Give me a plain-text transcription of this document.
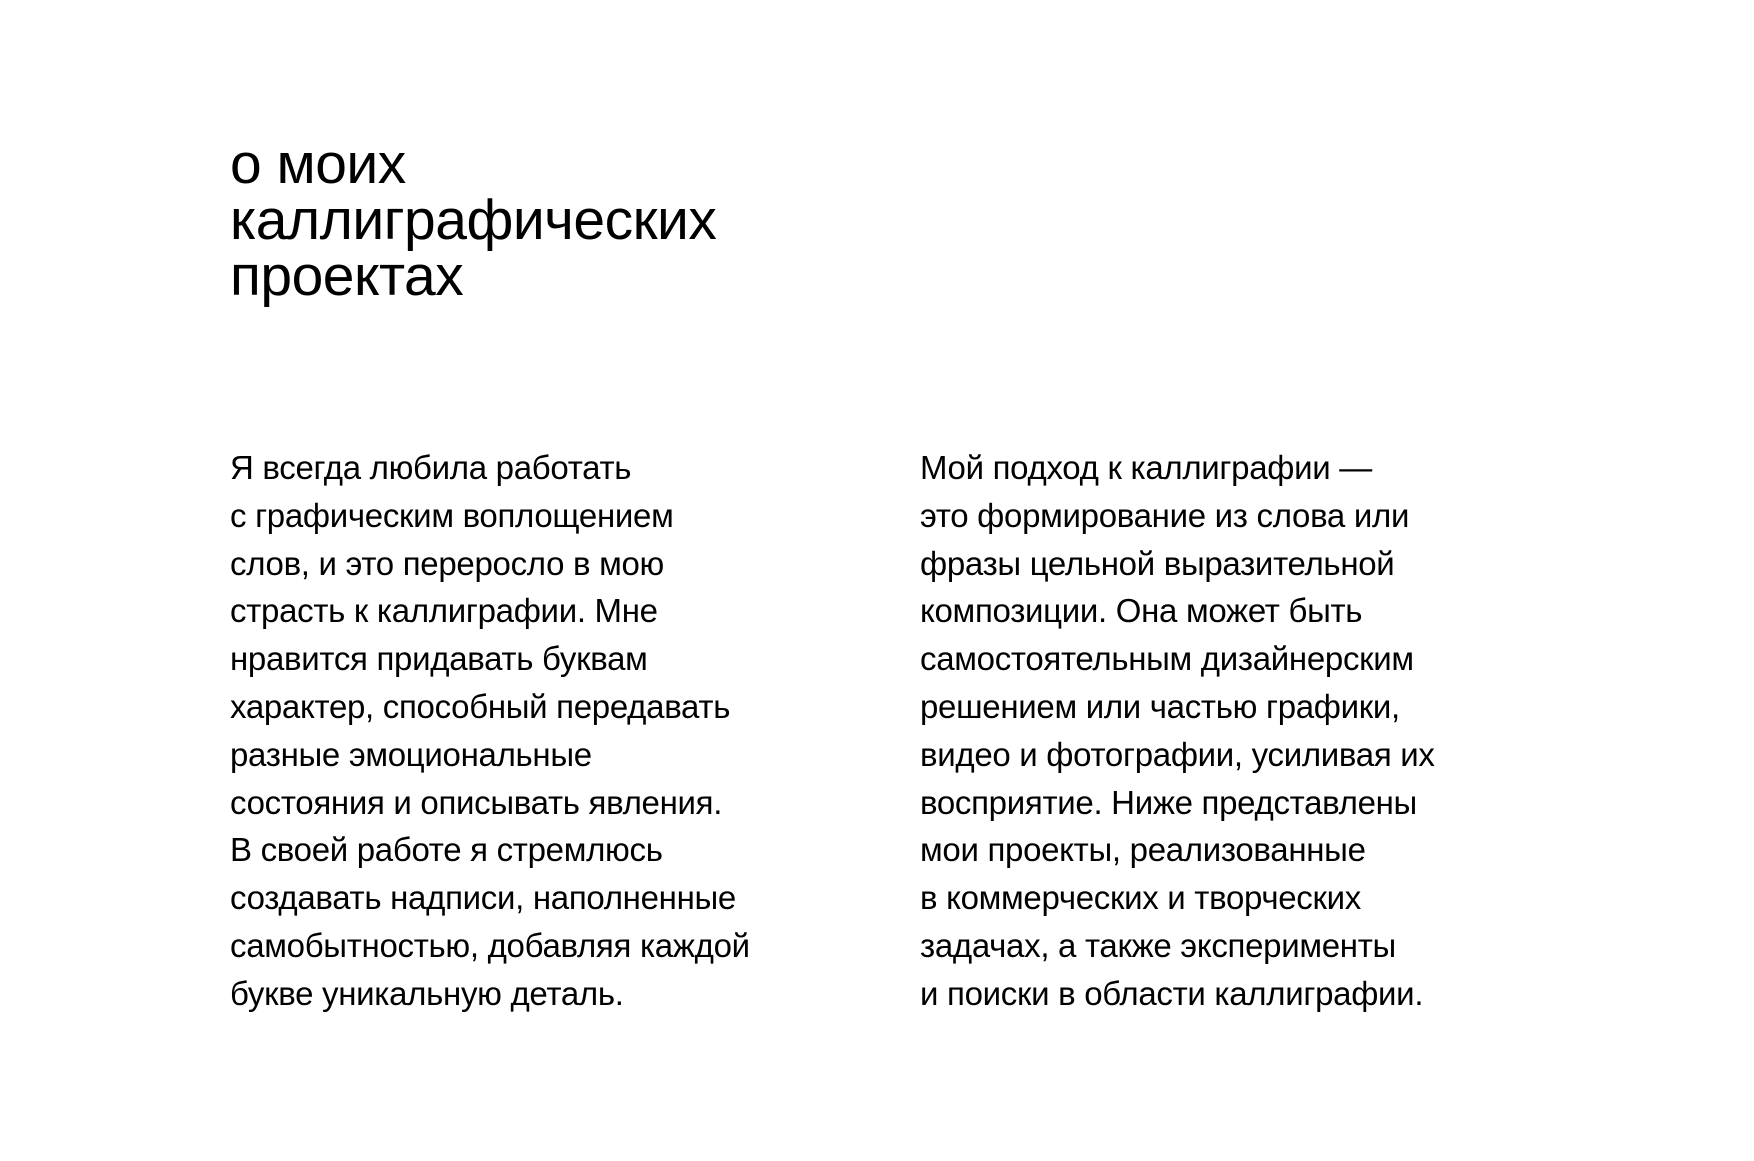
о моих
каллиграфических
проектах
Я всегда любила работать
с графическим воплощением
слов, и это переросло в мою
страсть к каллиграфии. Мне
нравится придавать буквам
характер, способный передавать
разные эмоциональные
состояния и описывать явления.
В своей работе я стремлюсь
создавать надписи, наполненные
самобытностью, добавляя каждой
букве уникальную деталь.
Мой подход к каллиграфии —
это формирование из слова или
фразы цельной выразительной
композиции. Она может быть
самостоятельным дизайнерским
решением или частью графики,
видео и фотографии, усиливая их
восприятие. Ниже представлены
мои проекты, реализованные
в коммерческих и творческих
задачах, а также эксперименты
и поиски в области каллиграфии.
